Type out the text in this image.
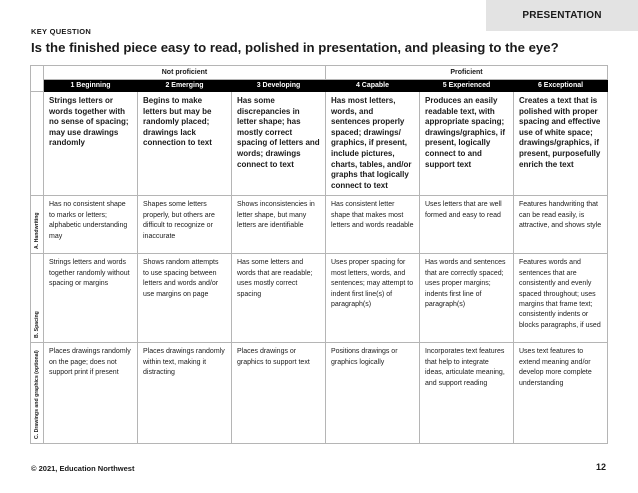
PRESENTATION
KEY QUESTION
Is the finished piece easy to read, polished in presentation, and pleasing to the eye?
	Not proficient			Proficient		
	1 Beginning	2 Emerging	3 Developing	4 Capable	5 Experienced	6 Exceptional

	Strings letters or words together with no sense of spacing; may use drawings randomly	Begins to make letters but may be randomly placed; drawings lack connection to text	Has some discrepancies in letter shape; has mostly correct spacing of letters and words; drawings connect to text	Has most letters, words, and sentences properly spaced; drawings/ graphics, if present, include pictures, charts, tables, and/or graphs that logically connect to text	Produces an easily readable text, with appropriate spacing; drawings/graphics, if present, logically connect to and support text	Creates a text that is polished with proper spacing and effective use of white space; drawings/graphics, if present, purposefully enrich the text

A. Handwriting	Has no consistent shape to marks or letters; alphabetic understanding may	Shapes some letters properly, but others are difficult to recognize or inaccurate	Shows inconsistencies in letter shape, but many letters are identifiable	Has consistent letter shape that makes most letters and words readable	Uses letters that are well formed and easy to read	Features handwriting that can be read easily, is attractive, and shows style

B. Spacing	Strings letters and words together randomly without spacing or margins	Shows random attempts to use spacing between letters and words and/or use margins on page	Has some letters and words that are readable; uses mostly correct spacing	Uses proper spacing for most letters, words, and sentences; may attempt to indent first line(s) of paragraph(s)	Has words and sentences that are correctly spaced; uses proper margins; indents first line of paragraph(s)	Features words and sentences that are consistently and evenly spaced throughout; uses margins that frame text; consistently indents or blocks paragraphs, if used

C. Drawings and graphics (optional)	Places drawings randomly on the page; does not support print if present	Places drawings randomly within text, making it distracting	Places drawings or graphics to support text	Positions drawings or graphics logically	Incorporates text features that help to integrate ideas, articulate meaning, and support reading	Uses text features to extend meaning and/or develop more complete understanding
© 2021, Education Northwest	12
